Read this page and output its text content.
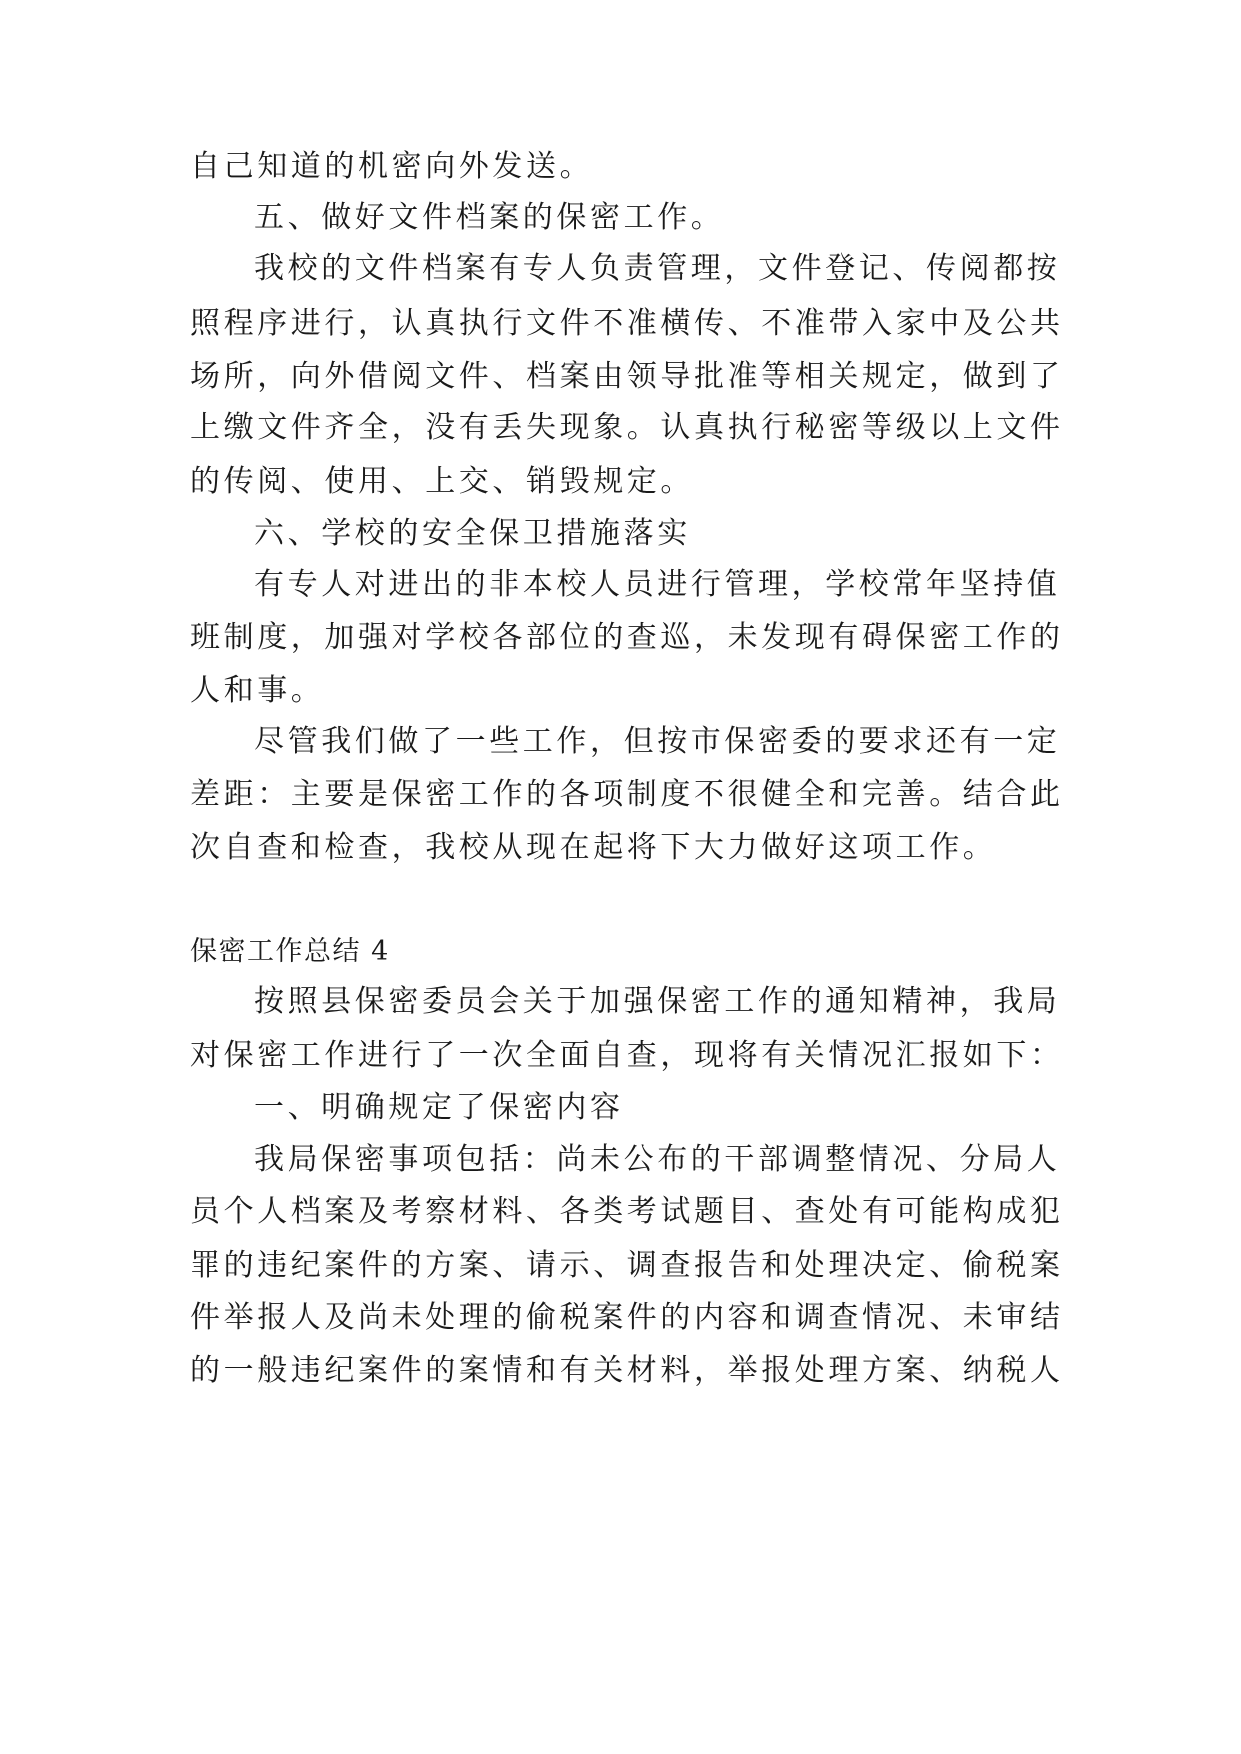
自己知道的机密向外发送。
五、做好文件档案的保密工作。
我校的文件档案有专人负责管理，文件登记、传阅都按
照程序进行，认真执行文件不准横传、不准带入家中及公共
场所，向外借阅文件、档案由领导批准等相关规定，做到了
上缴文件齐全，没有丢失现象。认真执行秘密等级以上文件
的传阅、使用、上交、销毁规定。
六、学校的安全保卫措施落实
有专人对进出的非本校人员进行管理，学校常年坚持值
班制度，加强对学校各部位的查巡，未发现有碍保密工作的
人和事。
尽管我们做了一些工作，但按市保密委的要求还有一定
差距：主要是保密工作的各项制度不很健全和完善。结合此
次自查和检查，我校从现在起将下大力做好这项工作。
保密工作总结 4
按照县保密委员会关于加强保密工作的通知精神，我局
对保密工作进行了一次全面自查，现将有关情况汇报如下：
一、明确规定了保密内容
我局保密事项包括：尚未公布的干部调整情况、分局人
员个人档案及考察材料、各类考试题目、查处有可能构成犯
罪的违纪案件的方案、请示、调查报告和处理决定、偷税案
件举报人及尚未处理的偷税案件的内容和调查情况、未审结
的一般违纪案件的案情和有关材料，举报处理方案、纳税人
